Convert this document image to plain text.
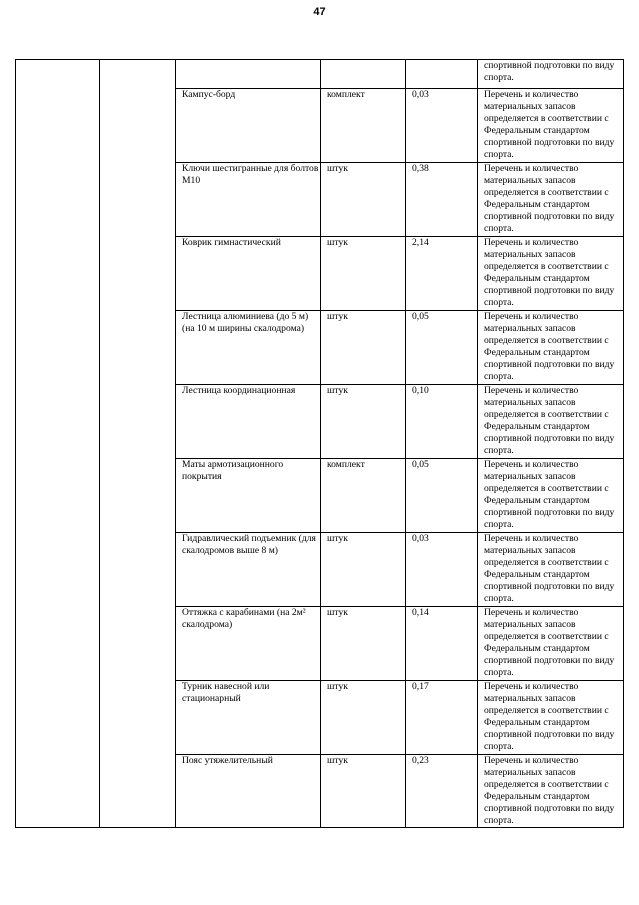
47

					спортивной подготовки по виду спорта.

		Кампус-борд	комплект	0,03	Перечень и количество материальных запасов определяется в соответствии с Федеральным стандартом спортивной подготовки по виду спорта.

		Ключи шестигранные для болтов М10	штук	0,38	Перечень и количество материальных запасов определяется в соответствии с Федеральным стандартом спортивной подготовки по виду спорта.

		Коврик гимнастический	штук	2,14	Перечень и количество материальных запасов определяется в соответствии с Федеральным стандартом спортивной подготовки по виду спорта.

		Лестница алюминиева (до 5 м) (на 10 м ширины скалодрома)	штук	0,05	Перечень и количество материальных запасов определяется в соответствии с Федеральным стандартом спортивной подготовки по виду спорта.

		Лестница координационная	штук	0,10	Перечень и количество материальных запасов определяется в соответствии с Федеральным стандартом спортивной подготовки по виду спорта.

		Маты армотизационного покрытия	комплект	0,05	Перечень и количество материальных запасов определяется в соответствии с Федеральным стандартом спортивной подготовки по виду спорта.

		Гидравлический подъемник (для скалодромов выше 8 м)	штук	0,03	Перечень и количество материальных запасов определяется в соответствии с Федеральным стандартом спортивной подготовки по виду спорта.

		Оттяжка с карабинами (на 2м² скалодрома)	штук	0,14	Перечень и количество материальных запасов определяется в соответствии с Федеральным стандартом спортивной подготовки по виду спорта.

		Турник навесной или стационарный	штук	0,17	Перечень и количество материальных запасов определяется в соответствии с Федеральным стандартом спортивной подготовки по виду спорта.

		Пояс утяжелительный	штук	0,23	Перечень и количество материальных запасов определяется в соответствии с Федеральным стандартом спортивной подготовки по виду спорта.
